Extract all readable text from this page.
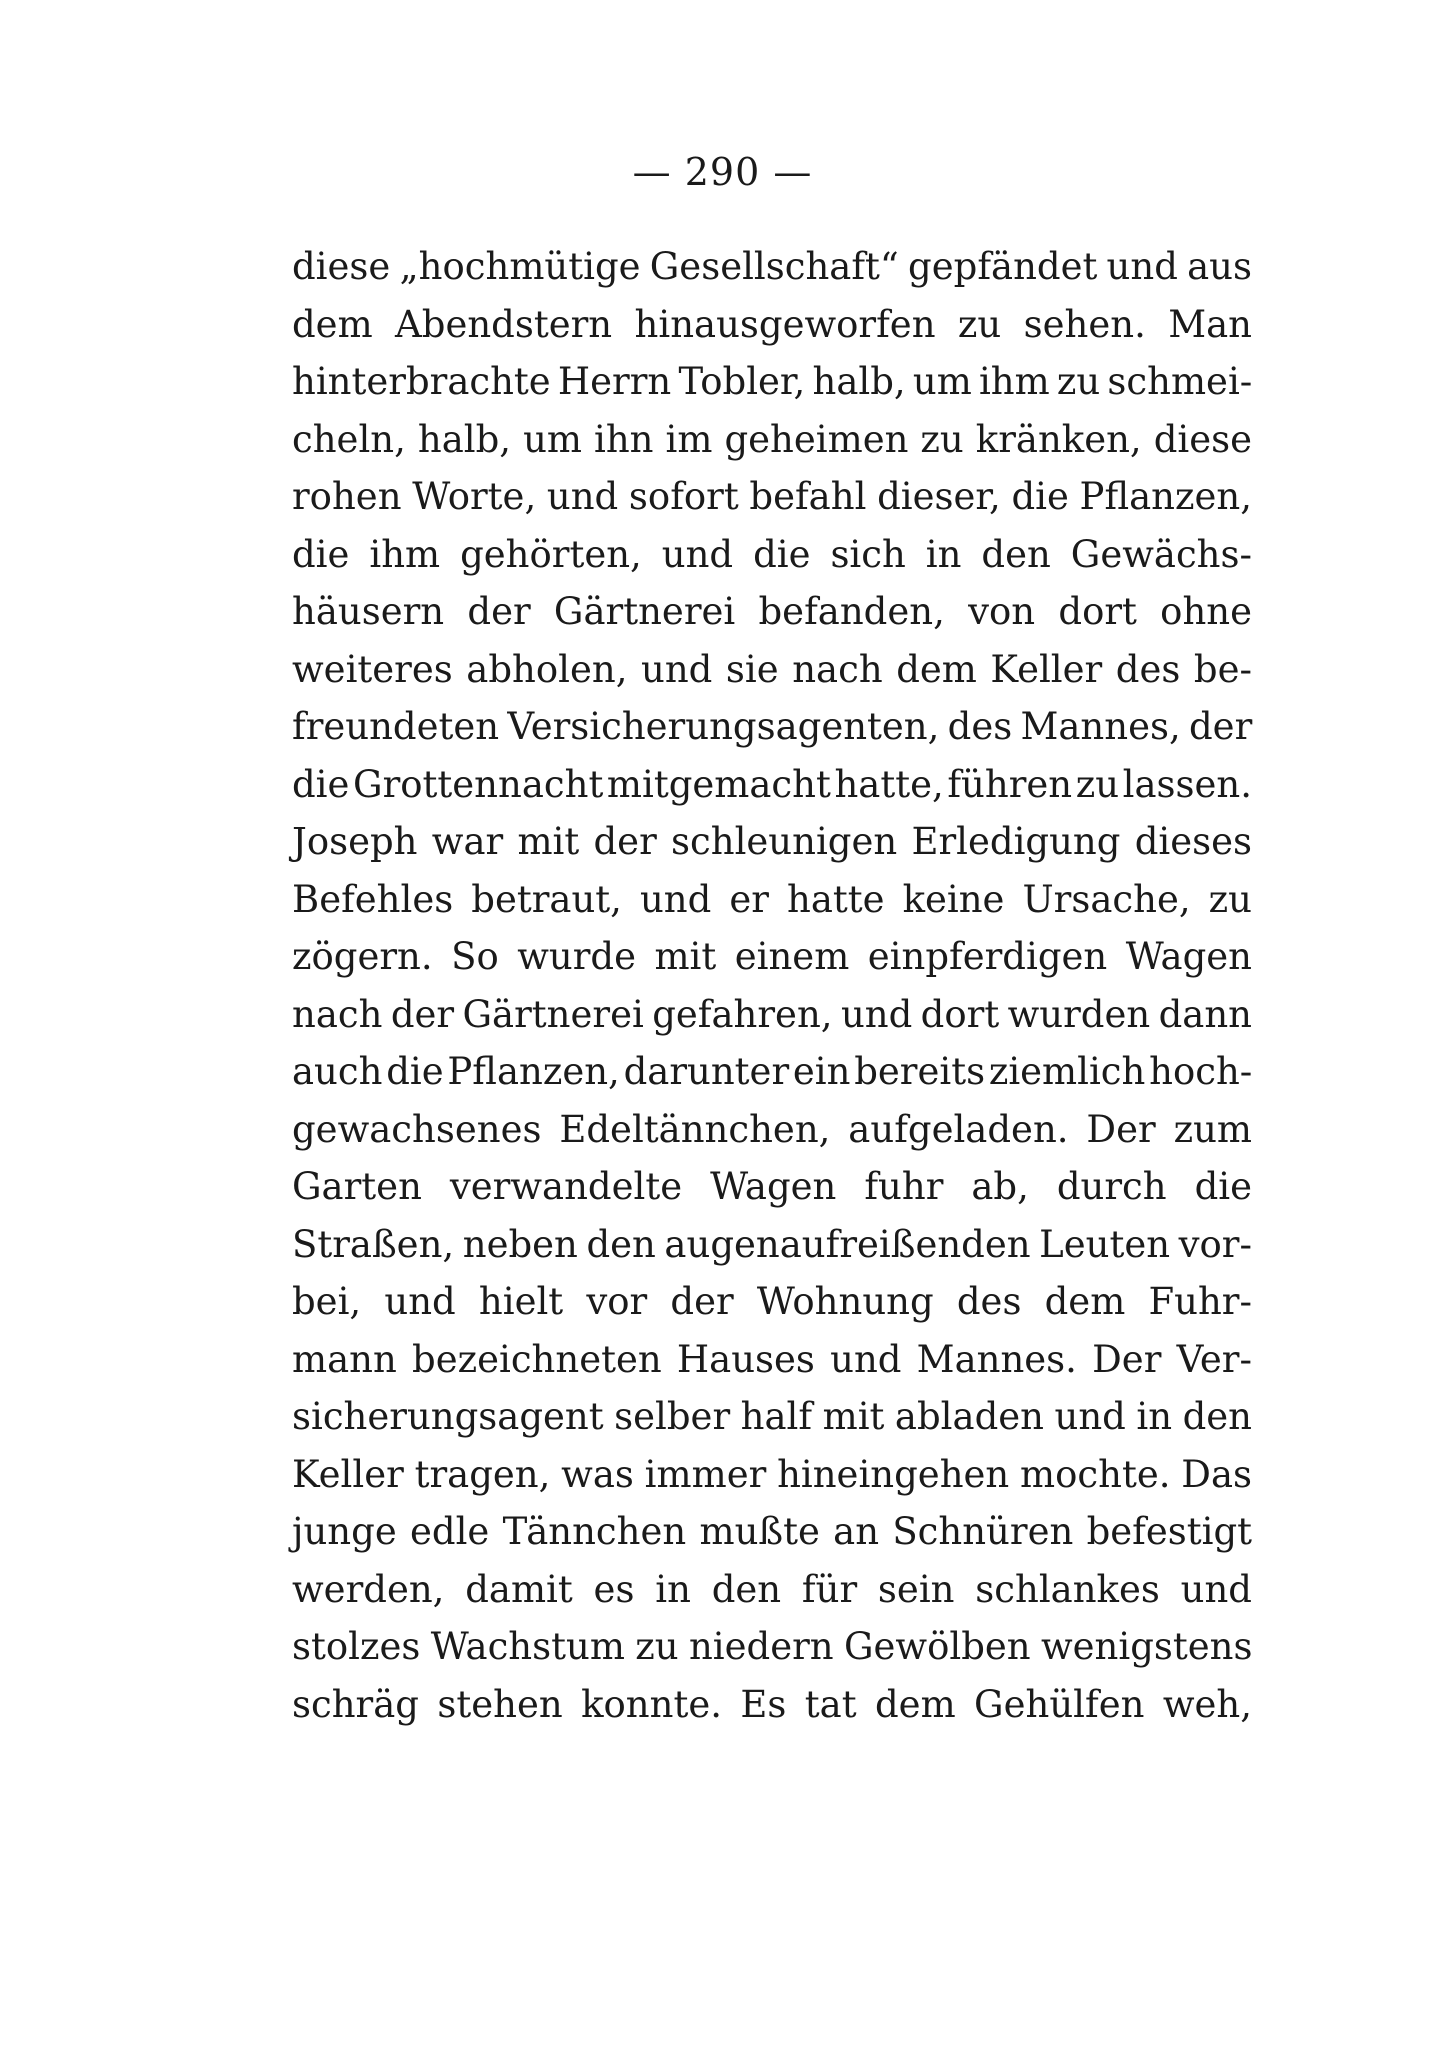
— 290 —
diese „hochmütige Gesellschaft“ gepfändet und aus
dem Abendstern hinausgeworfen zu sehen. Man
hinterbrachte Herrn Tobler, halb, um ihm zu schmei-
cheln, halb, um ihn im geheimen zu kränken, diese
rohen Worte, und sofort befahl dieser, die Pflanzen,
die ihm gehörten, und die sich in den Gewächs-
häusern der Gärtnerei befanden, von dort ohne
weiteres abholen, und sie nach dem Keller des be-
freundeten Versicherungsagenten, des Mannes, der
die Grottennacht mitgemacht hatte, führen zu lassen.
Joseph war mit der schleunigen Erledigung dieses
Befehles betraut, und er hatte keine Ursache, zu
zögern. So wurde mit einem einpferdigen Wagen
nach der Gärtnerei gefahren, und dort wurden dann
auch die Pflanzen, darunter ein bereits ziemlich hoch-
gewachsenes Edeltännchen, aufgeladen. Der zum
Garten verwandelte Wagen fuhr ab, durch die
Straßen, neben den augenaufreißenden Leuten vor-
bei, und hielt vor der Wohnung des dem Fuhr-
mann bezeichneten Hauses und Mannes. Der Ver-
sicherungsagent selber half mit abladen und in den
Keller tragen, was immer hineingehen mochte. Das
junge edle Tännchen mußte an Schnüren befestigt
werden, damit es in den für sein schlankes und
stolzes Wachstum zu niedern Gewölben wenigstens
schräg stehen konnte. Es tat dem Gehülfen weh,
